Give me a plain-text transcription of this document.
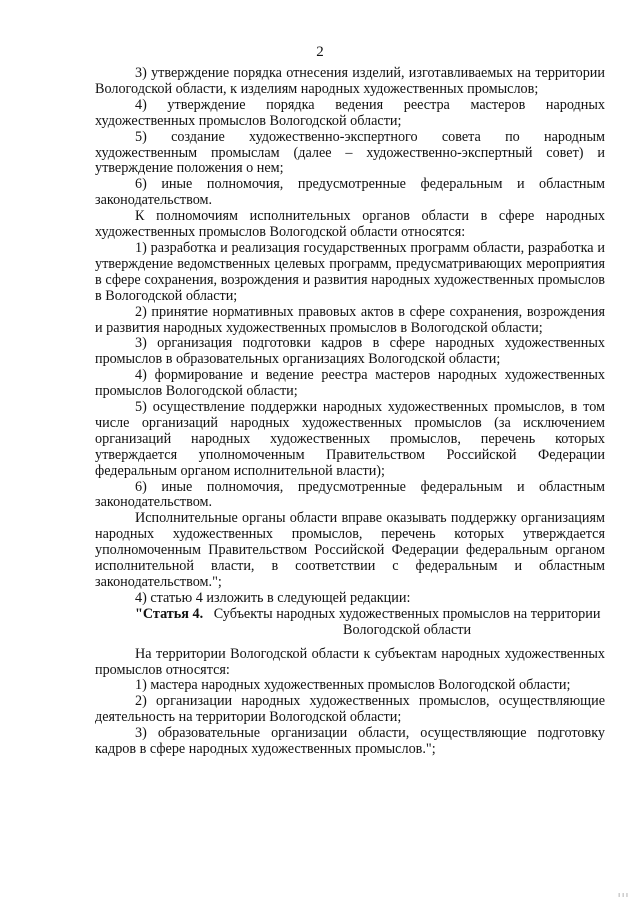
2

3) утверждение порядка отнесения изделий, изготавливаемых на территории Вологодской области, к изделиям народных художественных промыслов;

4) утверждение порядка ведения реестра мастеров народных художественных промыслов Вологодской области;

5) создание художественно-экспертного совета по народным художественным промыслам (далее – художественно-экспертный совет) и утверждение положения о нем;

6) иные полномочия, предусмотренные федеральным и областным законодательством.

К полномочиям исполнительных органов области в сфере народных художественных промыслов Вологодской области относятся:

1) разработка и реализация государственных программ области, разработка и утверждение ведомственных целевых программ, предусматривающих мероприятия в сфере сохранения, возрождения и развития народных художественных промыслов в Вологодской области;

2) принятие нормативных правовых актов в сфере сохранения, возрождения и развития народных художественных промыслов в Вологодской области;

3) организация подготовки кадров в сфере народных художественных промыслов в образовательных организациях Вологодской области;

4) формирование и ведение реестра мастеров народных художественных промыслов Вологодской области;

5) осуществление поддержки народных художественных промыслов, в том числе организаций народных художественных промыслов (за исключением организаций народных художественных промыслов, перечень которых утверждается уполномоченным Правительством Российской Федерации федеральным органом исполнительной власти);

6) иные полномочия, предусмотренные федеральным и областным законодательством.

Исполнительные органы области вправе оказывать поддержку организациям народных художественных промыслов, перечень которых утверждается уполномоченным Правительством Российской Федерации федеральным органом исполнительной власти, в соответствии с федеральным и областным законодательством.";

4) статью 4 изложить в следующей редакции:

"Статья 4. Субъекты народных художественных промыслов на территории Вологодской области

На территории Вологодской области к субъектам народных художественных промыслов относятся:

1) мастера народных художественных промыслов Вологодской области;

2) организации народных художественных промыслов, осуществляющие деятельность на территории Вологодской области;

3) образовательные организации области, осуществляющие подготовку кадров в сфере народных художественных промыслов.";

ııı
